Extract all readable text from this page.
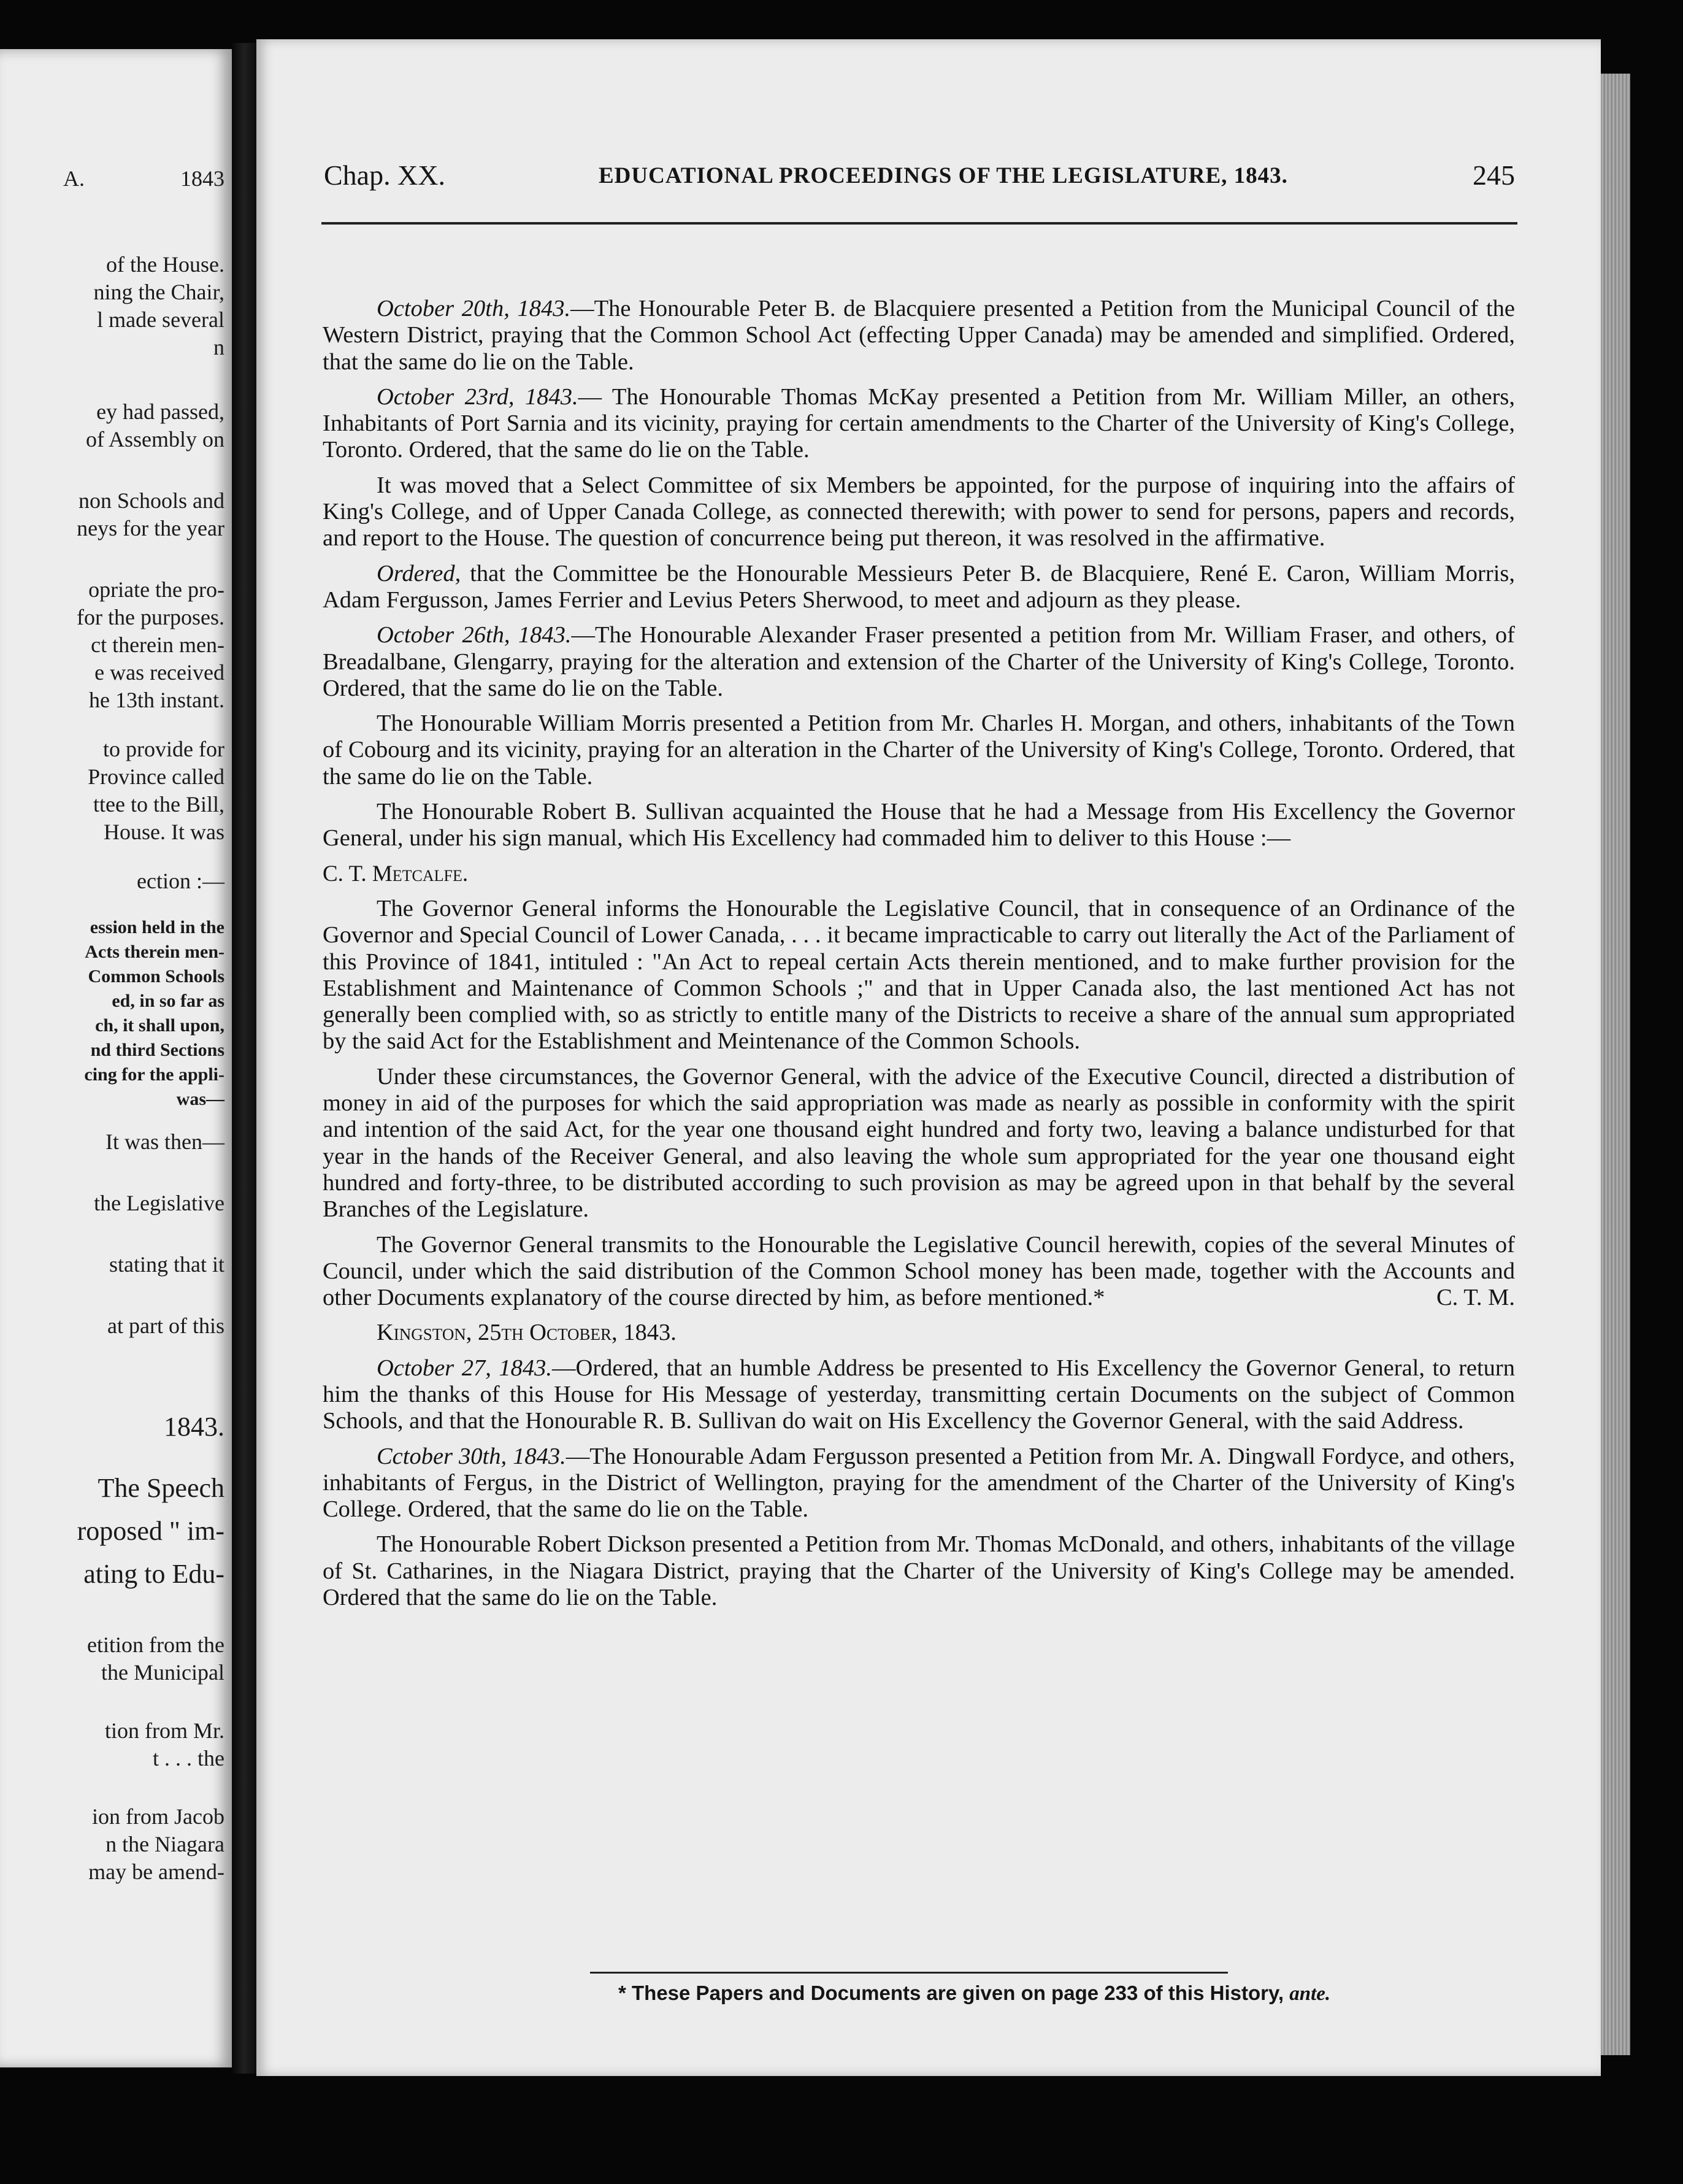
A.	1843
of the House.
ning the Chair,
l made several
n
ey had passed,
of Assembly on
non Schools and
neys for the year
opriate the pro-
for the purposes.
ct therein men-
e was received
he 13th instant.
to provide for
Province called
ttee to the Bill,
House. It was
ection :—
ession held in the
Acts therein men-
Common Schools
ed, in so far as
ch, it shall upon,
nd third Sections
cing for the appli-
was—
It was then—
the Legislative
stating that it
at part of this
1843.
The Speech
roposed " im-
ating to Edu-
etition from the
the Municipal
tion from Mr.
t . . . the
ion from Jacob
n the Niagara
may be amend-
Chap. XX.	EDUCATIONAL PROCEEDINGS OF THE LEGISLATURE, 1843.	245

October 20th, 1843.—The Honourable Peter B. de Blacquiere presented a Petition from the Municipal Council of the Western District, praying that the Common School Act (effecting Upper Canada) may be amended and simplified. Ordered, that the same do lie on the Table.

October 23rd, 1843.— The Honourable Thomas McKay presented a Petition from Mr. William Miller, an others, Inhabitants of Port Sarnia and its vicinity, praying for certain amendments to the Charter of the University of King's College, Toronto. Ordered, that the same do lie on the Table.

It was moved that a Select Committee of six Members be appointed, for the purpose of inquiring into the affairs of King's College, and of Upper Canada College, as connected therewith; with power to send for persons, papers and records, and report to the House. The question of concurrence being put thereon, it was resolved in the affirmative.

Ordered, that the Committee be the Honourable Messieurs Peter B. de Blacquiere, René E. Caron, William Morris, Adam Fergusson, James Ferrier and Levius Peters Sherwood, to meet and adjourn as they please.

October 26th, 1843.—The Honourable Alexander Fraser presented a petition from Mr. William Fraser, and others, of Breadalbane, Glengarry, praying for the alteration and extension of the Charter of the University of King's College, Toronto. Ordered, that the same do lie on the Table.

The Honourable William Morris presented a Petition from Mr. Charles H. Morgan, and others, inhabitants of the Town of Cobourg and its vicinity, praying for an alteration in the Charter of the University of King's College, Toronto. Ordered, that the same do lie on the Table.

The Honourable Robert B. Sullivan acquainted the House that he had a Message from His Excellency the Governor General, under his sign manual, which His Excellency had commaded him to deliver to this House :—

C. T. Metcalfe.

The Governor General informs the Honourable the Legislative Council, that in consequence of an Ordinance of the Governor and Special Council of Lower Canada, . . . it became impracticable to carry out literally the Act of the Parliament of this Province of 1841, intituled : "An Act to repeal certain Acts therein mentioned, and to make further provision for the Establishment and Maintenance of Common Schools ;" and that in Upper Canada also, the last mentioned Act has not generally been complied with, so as strictly to entitle many of the Districts to receive a share of the annual sum appropriated by the said Act for the Establishment and Meintenance of the Common Schools.

Under these circumstances, the Governor General, with the advice of the Executive Council, directed a distribution of money in aid of the purposes for which the said appropriation was made as nearly as possible in conformity with the spirit and intention of the said Act, for the year one thousand eight hundred and forty two, leaving a balance undisturbed for that year in the hands of the Receiver General, and also leaving the whole sum appropriated for the year one thousand eight hundred and forty-three, to be distributed according to such provision as may be agreed upon in that behalf by the several Branches of the Legislature.

The Governor General transmits to the Honourable the Legislative Council herewith, copies of the several Minutes of Council, under which the said distribution of the Common School money has been made, together with the Accounts and other Documents explanatory of the course directed by him, as before mentioned.*	C. T. M.

Kingston, 25th October, 1843.

October 27, 1843.—Ordered, that an humble Address be presented to His Excellency the Governor General, to return him the thanks of this House for His Message of yesterday, transmitting certain Documents on the subject of Common Schools, and that the Honourable R. B. Sullivan do wait on His Excellency the Governor General, with the said Address.

Cctober 30th, 1843.—The Honourable Adam Fergusson presented a Petition from Mr. A. Dingwall Fordyce, and others, inhabitants of Fergus, in the District of Wellington, praying for the amendment of the Charter of the University of King's College. Ordered, that the same do lie on the Table.

The Honourable Robert Dickson presented a Petition from Mr. Thomas McDonald, and others, inhabitants of the village of St. Catharines, in the Niagara District, praying that the Charter of the University of King's College may be amended. Ordered that the same do lie on the Table.

* These Papers and Documents are given on page 233 of this History, ante.
